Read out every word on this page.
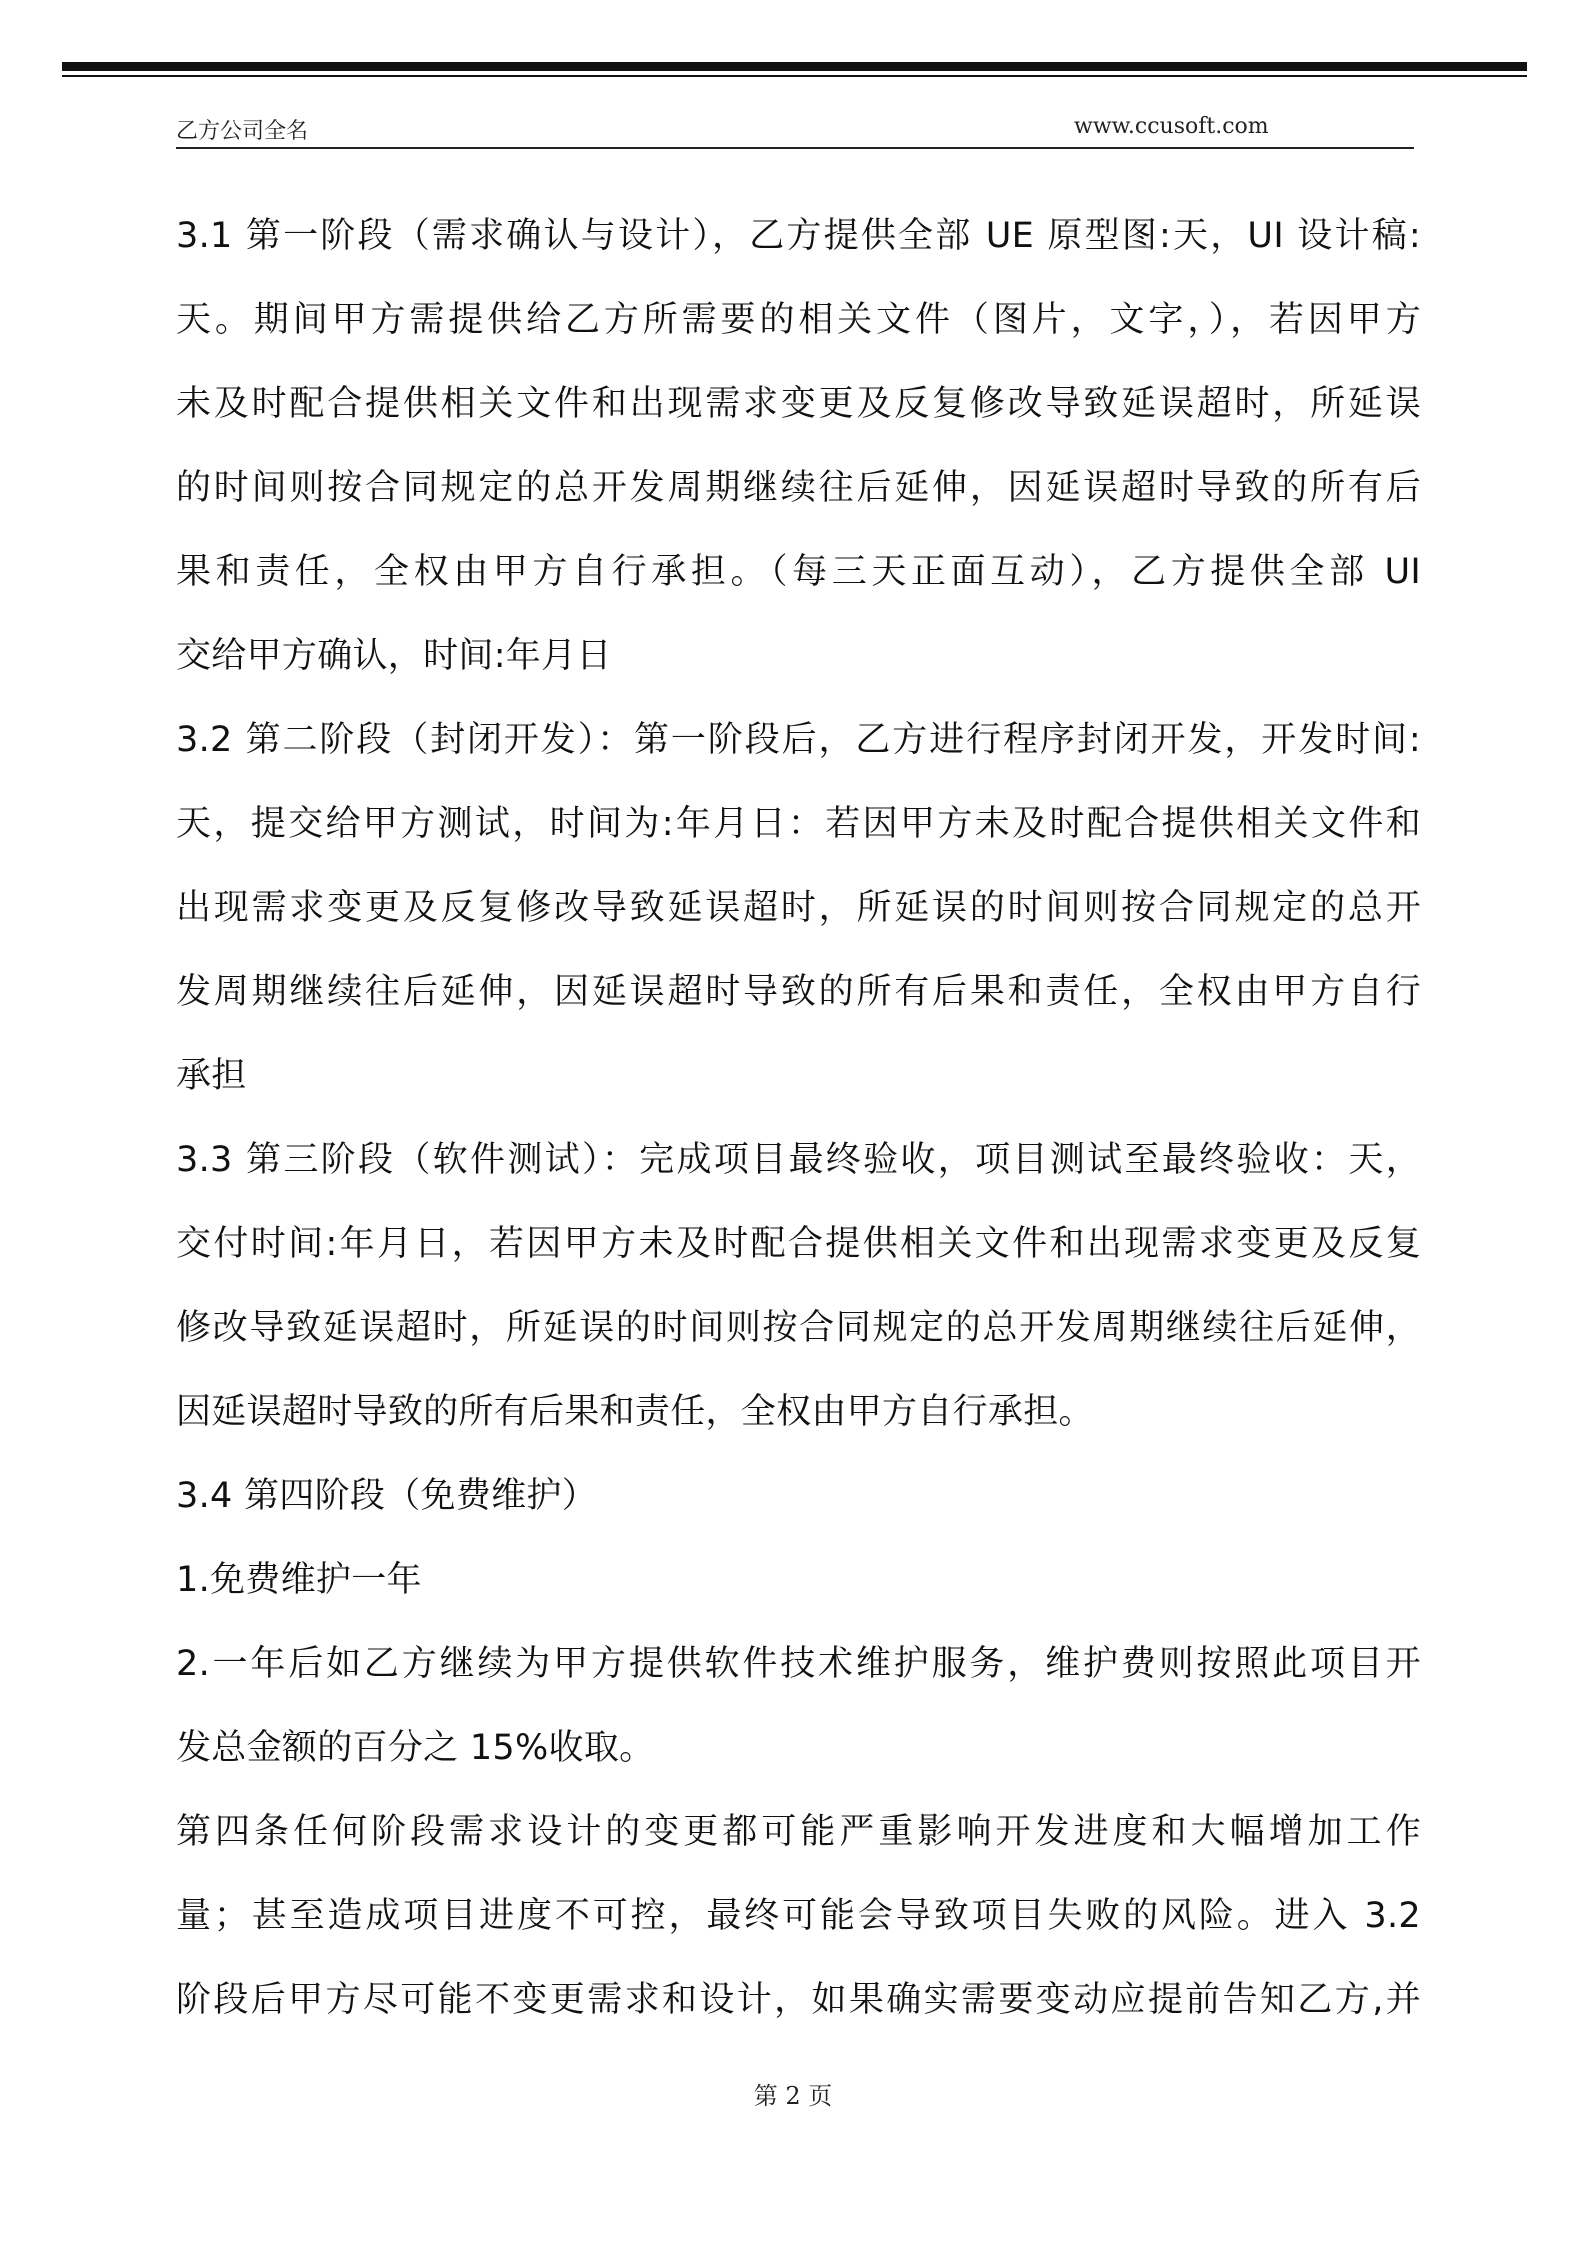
乙方公司全名	www.ccusoft.com
3.1 第一阶段（需求确认与设计），乙方提供全部 UE 原型图:天，UI 设计稿:
天。期间甲方需提供给乙方所需要的相关文件（图片，文字，），若因甲方
未及时配合提供相关文件和出现需求变更及反复修改导致延误超时，所延误
的时间则按合同规定的总开发周期继续往后延伸，因延误超时导致的所有后
果和责任，全权由甲方自行承担。（每三天正面互动），乙方提供全部 UI
交给甲方确认，时间:年月日
3.2 第二阶段（封闭开发）：第一阶段后，乙方进行程序封闭开发，开发时间:
天，提交给甲方测试，时间为:年月日：若因甲方未及时配合提供相关文件和
出现需求变更及反复修改导致延误超时，所延误的时间则按合同规定的总开
发周期继续往后延伸，因延误超时导致的所有后果和责任，全权由甲方自行
承担
3.3 第三阶段（软件测试）：完成项目最终验收，项目测试至最终验收：天，
交付时间:年月日，若因甲方未及时配合提供相关文件和出现需求变更及反复
修改导致延误超时，所延误的时间则按合同规定的总开发周期继续往后延伸，
因延误超时导致的所有后果和责任，全权由甲方自行承担。
3.4 第四阶段（免费维护）
1.免费维护一年
2.一年后如乙方继续为甲方提供软件技术维护服务，维护费则按照此项目开
发总金额的百分之 15%收取。
第四条任何阶段需求设计的变更都可能严重影响开发进度和大幅增加工作
量；甚至造成项目进度不可控，最终可能会导致项目失败的风险。进入 3.2
阶段后甲方尽可能不变更需求和设计，如果确实需要变动应提前告知乙方,并
第 2 页
